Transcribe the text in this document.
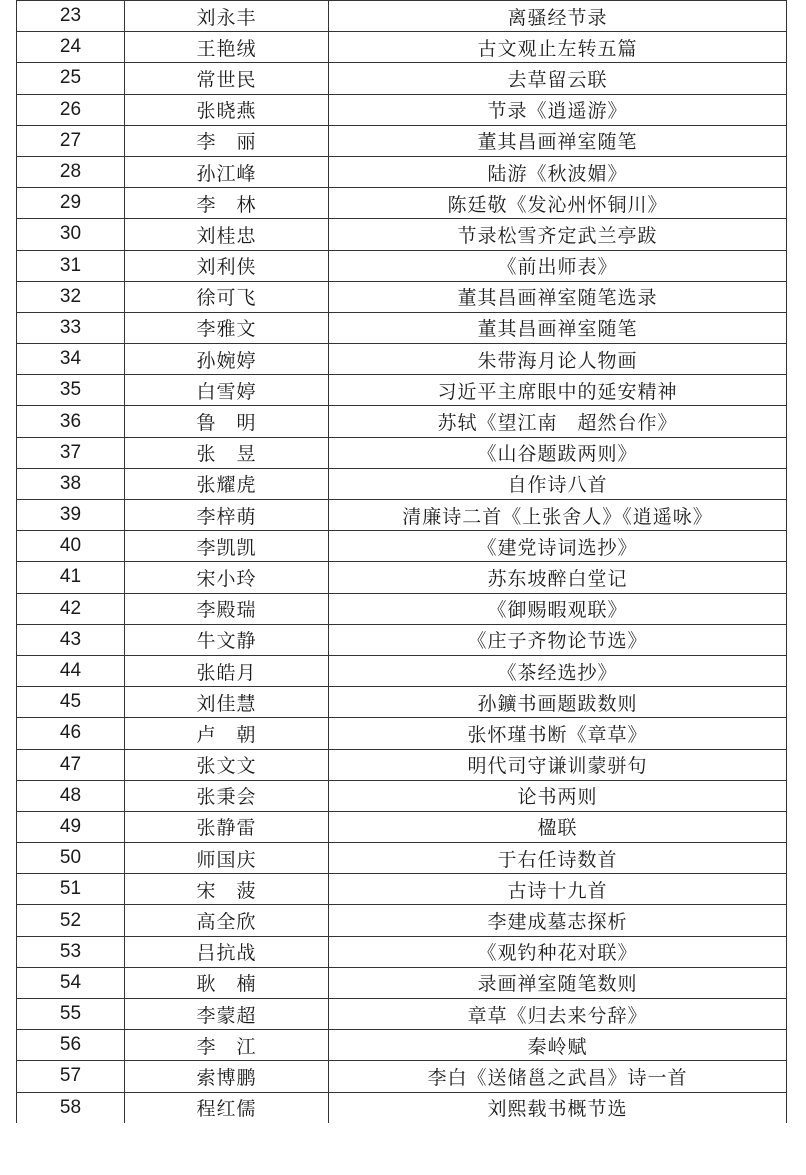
23	刘永丰	离骚经节录
24	王艳绒	古文观止左转五篇
25	常世民	去草留云联
26	张晓燕	节录《逍遥游》
27	李　丽	董其昌画禅室随笔
28	孙江峰	陆游《秋波媚》
29	李　林	陈廷敬《发沁州怀铜川》
30	刘桂忠	节录松雪齐定武兰亭跋
31	刘利侠	《前出师表》
32	徐可飞	董其昌画禅室随笔选录
33	李雅文	董其昌画禅室随笔
34	孙婉婷	朱带海月论人物画
35	白雪婷	习近平主席眼中的延安精神
36	鲁　明	苏轼《望江南　超然台作》
37	张　昱	《山谷题跋两则》
38	张耀虎	自作诗八首
39	李梓萌	清廉诗二首《上张舍人》《逍遥咏》
40	李凯凯	《建党诗词选抄》
41	宋小玲	苏东坡醉白堂记
42	李殿瑞	《御赐暇观联》
43	牛文静	《庄子齐物论节选》
44	张皓月	《茶经选抄》
45	刘佳慧	孙鑛书画题跋数则
46	卢　朝	张怀瑾书断《章草》
47	张文文	明代司守谦训蒙骈句
48	张秉会	论书两则
49	张静雷	楹联
50	师国庆	于右任诗数首
51	宋　菠	古诗十九首
52	高全欣	李建成墓志探析
53	吕抗战	《观钓种花对联》
54	耿　楠	录画禅室随笔数则
55	李蒙超	章草《归去来兮辞》
56	李　江	秦岭赋
57	索博鹏	李白《送储邕之武昌》诗一首
58	程红儒	刘熙载书概节选
